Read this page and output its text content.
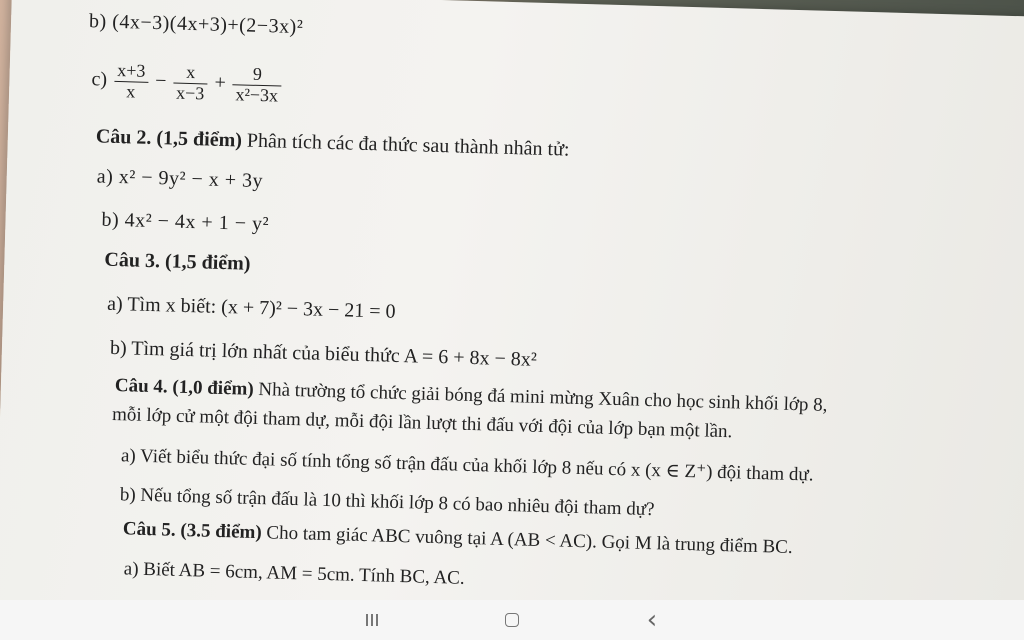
b) (4x−3)(4x+3)+(2−3x)²
$c) \frac{x+3}{x} - \frac{x}{x-3} + \frac{9}{\text{x²−3x}}$
Câu 2. (1,5 điểm) Phân tích các đa thức sau thành nhân tử:
a) x² − 9y² − x + 3y
b) 4x² − 4x + 1 − y²
Câu 3. (1,5 điểm)
a) Tìm x biết: (x + 7)² − 3x − 21 = 0
b) Tìm giá trị lớn nhất của biểu thức A = 6 + 8x − 8x²
Câu 4. (1,0 điểm) Nhà trường tổ chức giải bóng đá mini mừng Xuân cho học sinh khối lớp 8,
mỗi lớp cử một đội tham dự, mỗi đội lần lượt thi đấu với đội của lớp bạn một lần.
a) Viết biểu thức đại số tính tổng số trận đấu của khối lớp 8 nếu có x (x ∈ Z⁺) đội tham dự.
b) Nếu tổng số trận đấu là 10 thì khối lớp 8 có bao nhiêu đội tham dự?
Câu 5. (3.5 điểm) Cho tam giác ABC vuông tại A (AB < AC). Gọi M là trung điểm BC.
a) Biết AB = 6cm, AM = 5cm. Tính BC, AC.
‹
